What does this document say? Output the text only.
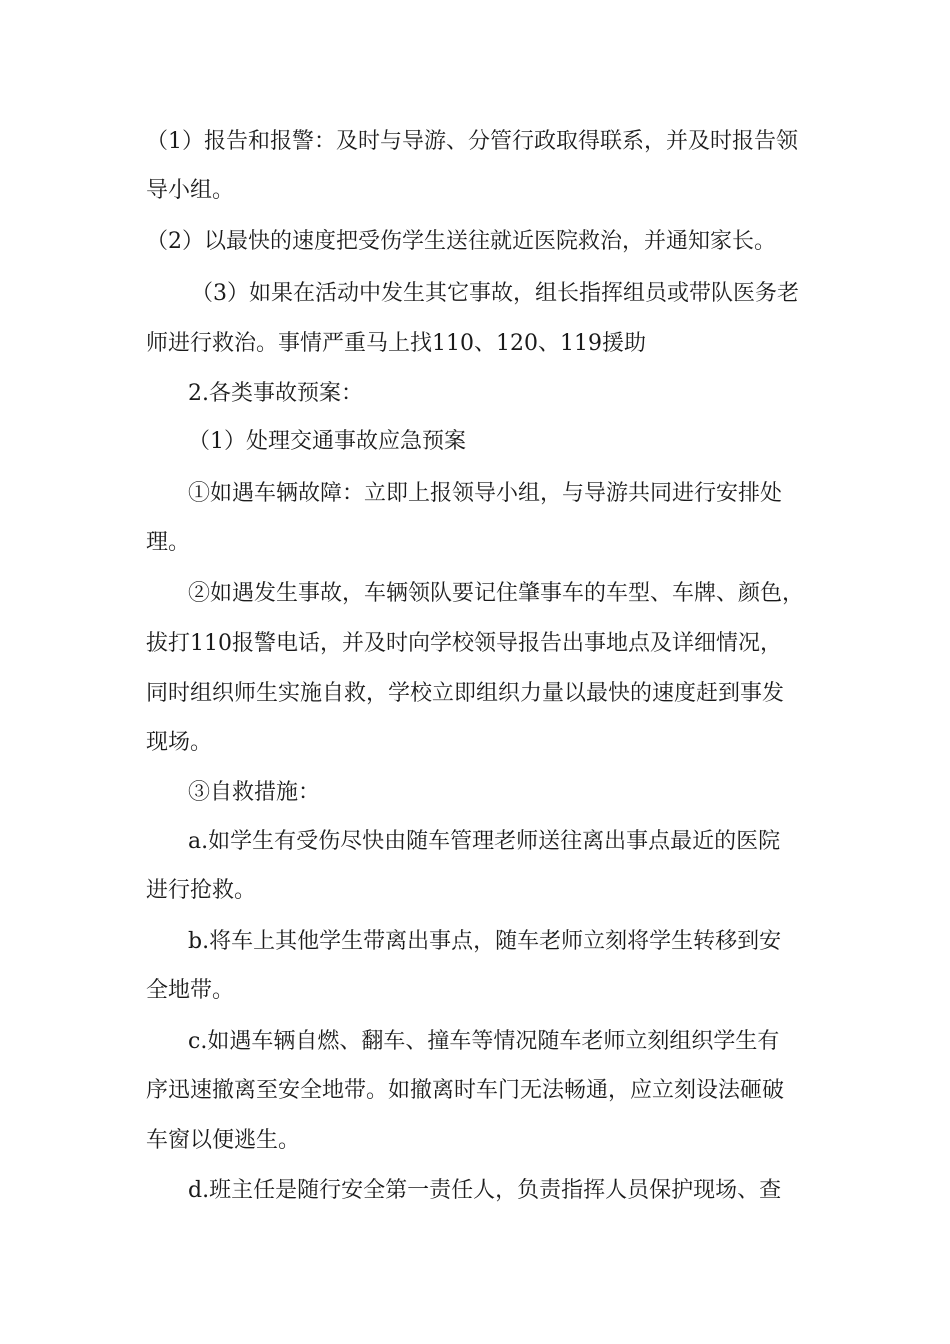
（1）报告和报警：及时与导游、分管行政取得联系，并及时报告领
导小组。
（2）以最快的速度把受伤学生送往就近医院救治，并通知家长。
（3）如果在活动中发生其它事故，组长指挥组员或带队医务老
师进行救治。事情严重马上找110、120、119援助
2.各类事故预案：
（1）处理交通事故应急预案
①如遇车辆故障：立即上报领导小组，与导游共同进行安排处
理。
②如遇发生事故，车辆领队要记住肇事车的车型、车牌、颜色，
拔打110报警电话，并及时向学校领导报告出事地点及详细情况，
同时组织师生实施自救，学校立即组织力量以最快的速度赶到事发
现场。
③自救措施：
a.如学生有受伤尽快由随车管理老师送往离出事点最近的医院
进行抢救。
b.将车上其他学生带离出事点，随车老师立刻将学生转移到安
全地带。
c.如遇车辆自燃、翻车、撞车等情况随车老师立刻组织学生有
序迅速撤离至安全地带。如撤离时车门无法畅通，应立刻设法砸破
车窗以便逃生。
d.班主任是随行安全第一责任人，负责指挥人员保护现场、查
